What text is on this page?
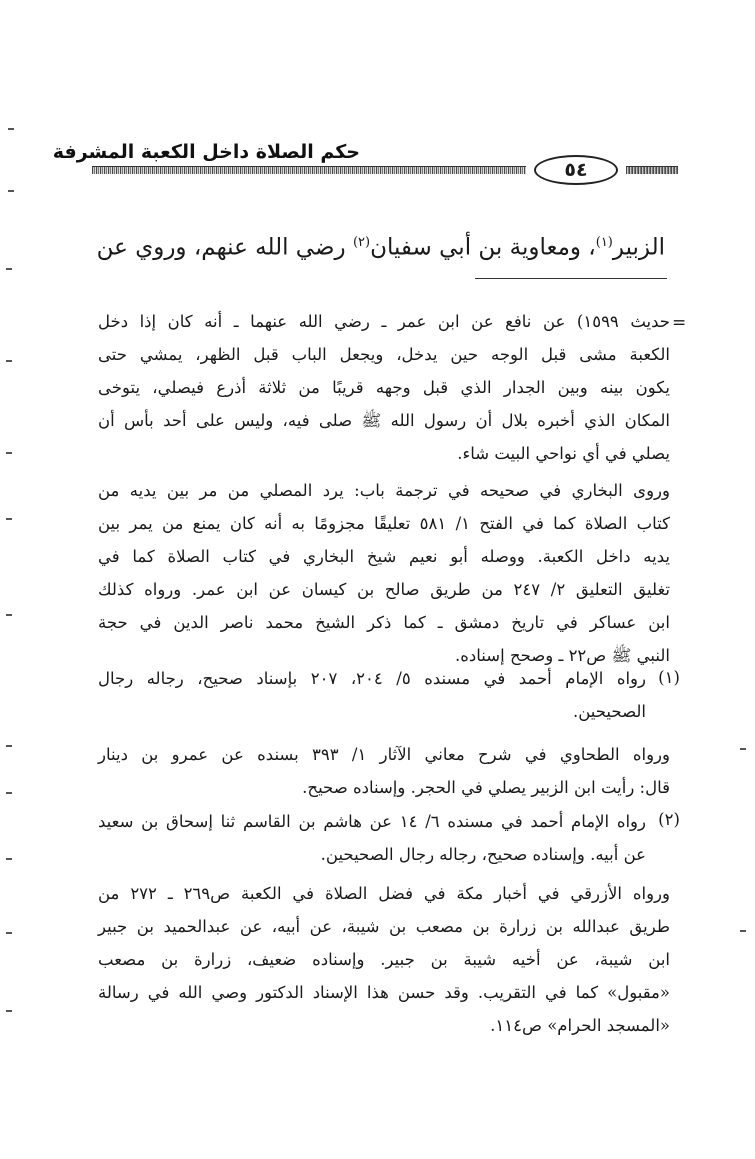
حكم الصلاة داخل الكعبة المشرفة
٥٤
الزبير$^{(١)}$، ومعاوية بن أبي سفيان$^{(٢)}$ رضي الله عنهم، وروي عن
=
حديث ١٥٩٩) عن نافع عن ابن عمر ـ رضي الله عنهما ـ أنه كان إذا دخل
الكعبة مشى قبل الوجه حين يدخل، ويجعل الباب قبل الظهر، يمشي حتى
يكون بينه وبين الجدار الذي قبل وجهه قريبًا من ثلاثة أذرع فيصلي، يتوخى
المكان الذي أخبره بلال أن رسول الله ﷺ صلى فيه، وليس على أحد بأس أن
يصلي في أي نواحي البيت شاء.
وروى البخاري في صحيحه في ترجمة باب: يرد المصلي من مر بين يديه من
كتاب الصلاة كما في الفتح ١/ ٥٨١ تعليقًا مجزومًا به أنه كان يمنع من يمر بين
يديه داخل الكعبة. ووصله أبو نعيم شيخ البخاري في كتاب الصلاة كما في
تغليق التعليق ٢/ ٢٤٧ من طريق صالح بن كيسان عن ابن عمر. ورواه كذلك
ابن عساكر في تاريخ دمشق ـ كما ذكر الشيخ محمد ناصر الدين في حجة
النبي ﷺ ص٢٢ ـ وصحح إسناده.
(١)
رواه الإمام أحمد في مسنده ٥/ ٢٠٤، ٢٠٧ بإسناد صحيح، رجاله رجال
الصحيحين.
ورواه الطحاوي في شرح معاني الآثار ١/ ٣٩٣ بسنده عن عمرو بن دينار
قال: رأيت ابن الزبير يصلي في الحجر. وإسناده صحيح.
(٢)
رواه الإمام أحمد في مسنده ٦/ ١٤ عن هاشم بن القاسم ثنا إسحاق بن سعيد
عن أبيه. وإسناده صحيح، رجاله رجال الصحيحين.
ورواه الأزرقي في أخبار مكة في فضل الصلاة في الكعبة ص٢٦٩ ـ ٢٧٢ من
طريق عبدالله بن زرارة بن مصعب بن شيبة، عن أبيه، عن عبدالحميد بن جبير
ابن شيبة، عن أخيه شيبة بن جبير. وإسناده ضعيف، زرارة بن مصعب
«مقبول» كما في التقريب. وقد حسن هذا الإسناد الدكتور وصي الله في رسالة
«المسجد الحرام» ص١١٤.
